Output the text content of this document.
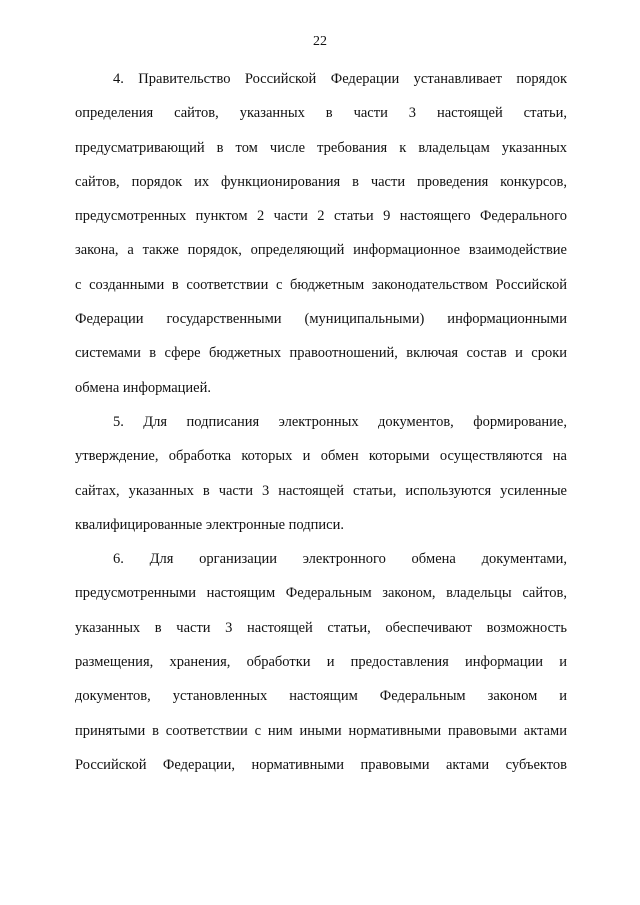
22
4. Правительство Российской Федерации устанавливает порядок
определения сайтов, указанных в части 3 настоящей статьи,
предусматривающий в том числе требования к владельцам указанных
сайтов, порядок их функционирования в части проведения конкурсов,
предусмотренных пунктом 2 части 2 статьи 9 настоящего Федерального
закона, а также порядок, определяющий информационное взаимодействие
с созданными в соответствии с бюджетным законодательством Российской
Федерации государственными (муниципальными) информационными
системами в сфере бюджетных правоотношений, включая состав и сроки
обмена информацией.
5. Для подписания электронных документов, формирование,
утверждение, обработка которых и обмен которыми осуществляются на
сайтах, указанных в части 3 настоящей статьи, используются усиленные
квалифицированные электронные подписи.
6. Для организации электронного обмена документами,
предусмотренными настоящим Федеральным законом, владельцы сайтов,
указанных в части 3 настоящей статьи, обеспечивают возможность
размещения, хранения, обработки и предоставления информации и
документов, установленных настоящим Федеральным законом и
принятыми в соответствии с ним иными нормативными правовыми актами
Российской Федерации, нормативными правовыми актами субъектов
